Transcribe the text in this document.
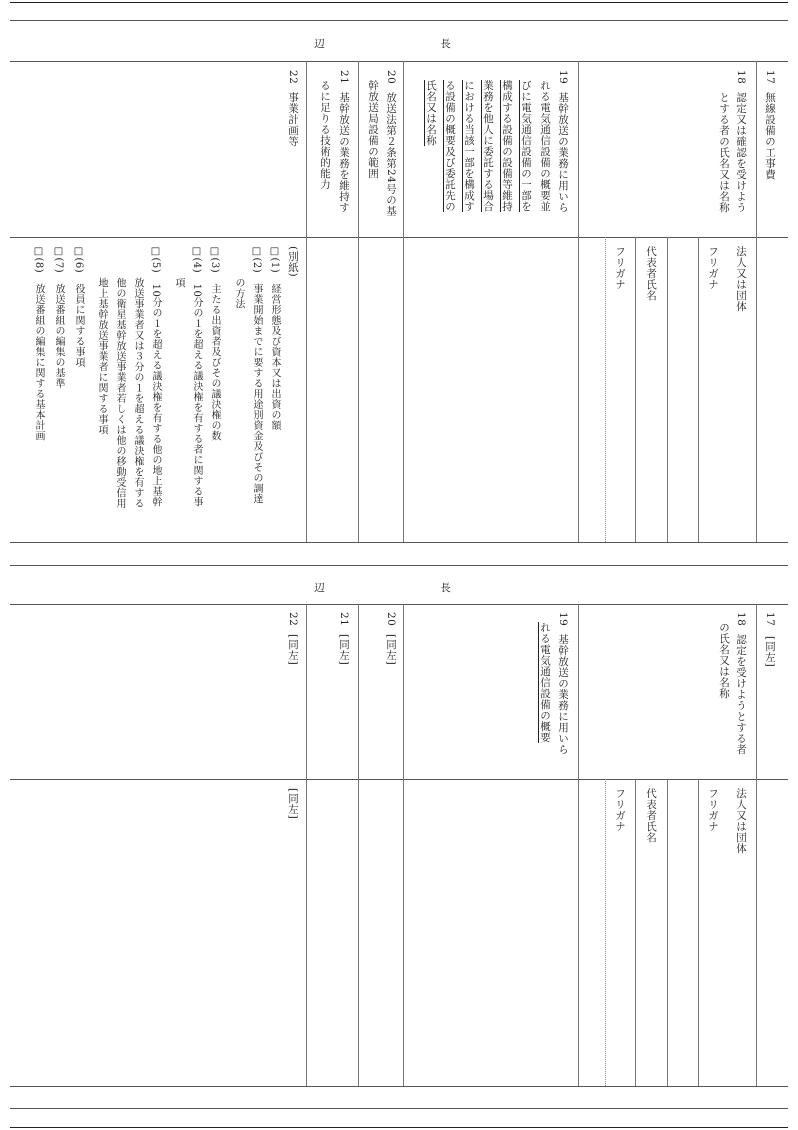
長
辺
17
無線設備の工事費
18
認定又は確認を受けよう
とする者の氏名又は名称
法人又は団体
フリガナ
代表者氏名
フリガナ
19
基幹放送の業務に用いら
れる電気通信設備の概要並
びに電気通信設備の一部を
構成する設備の設備等維持
業務を他人に委託する場合
における当該一部を構成す
る設備の概要及び委託先の
氏名又は名称
20
放送法第２条第24号の基
幹放送局設備の範囲
21
基幹放送の業務を維持す
るに足りる技術的能力
22
事業計画等
(別紙)
□(1)　経営形態及び資本又は出資の額
□(2)　事業開始までに要する用途別資金及びその調達
　　　の方法
□(3)　主たる出資者及びその議決権の数
□(4)　10分の１を超える議決権を有する者に関する事
　　　項
□(5)　10分の１を超える議決権を有する他の地上基幹
　　　放送事業者又は３分の１を超える議決権を有する
　　　他の衛星基幹放送事業者若しくは他の移動受信用
　　　地上基幹放送事業者に関する事項
□(6)　役員に関する事項
□(7)　放送番組の編集の基準
□(8)　放送番組の編集に関する基本計画
長
辺
17
[同左]
18
認定を受けようとする者
の氏名又は名称
法人又は団体
フリガナ
代表者氏名
フリガナ
19
基幹放送の業務に用いら
れる電気通信設備の概要
20
[同左]
21
[同左]
22
[同左]
[同左]
